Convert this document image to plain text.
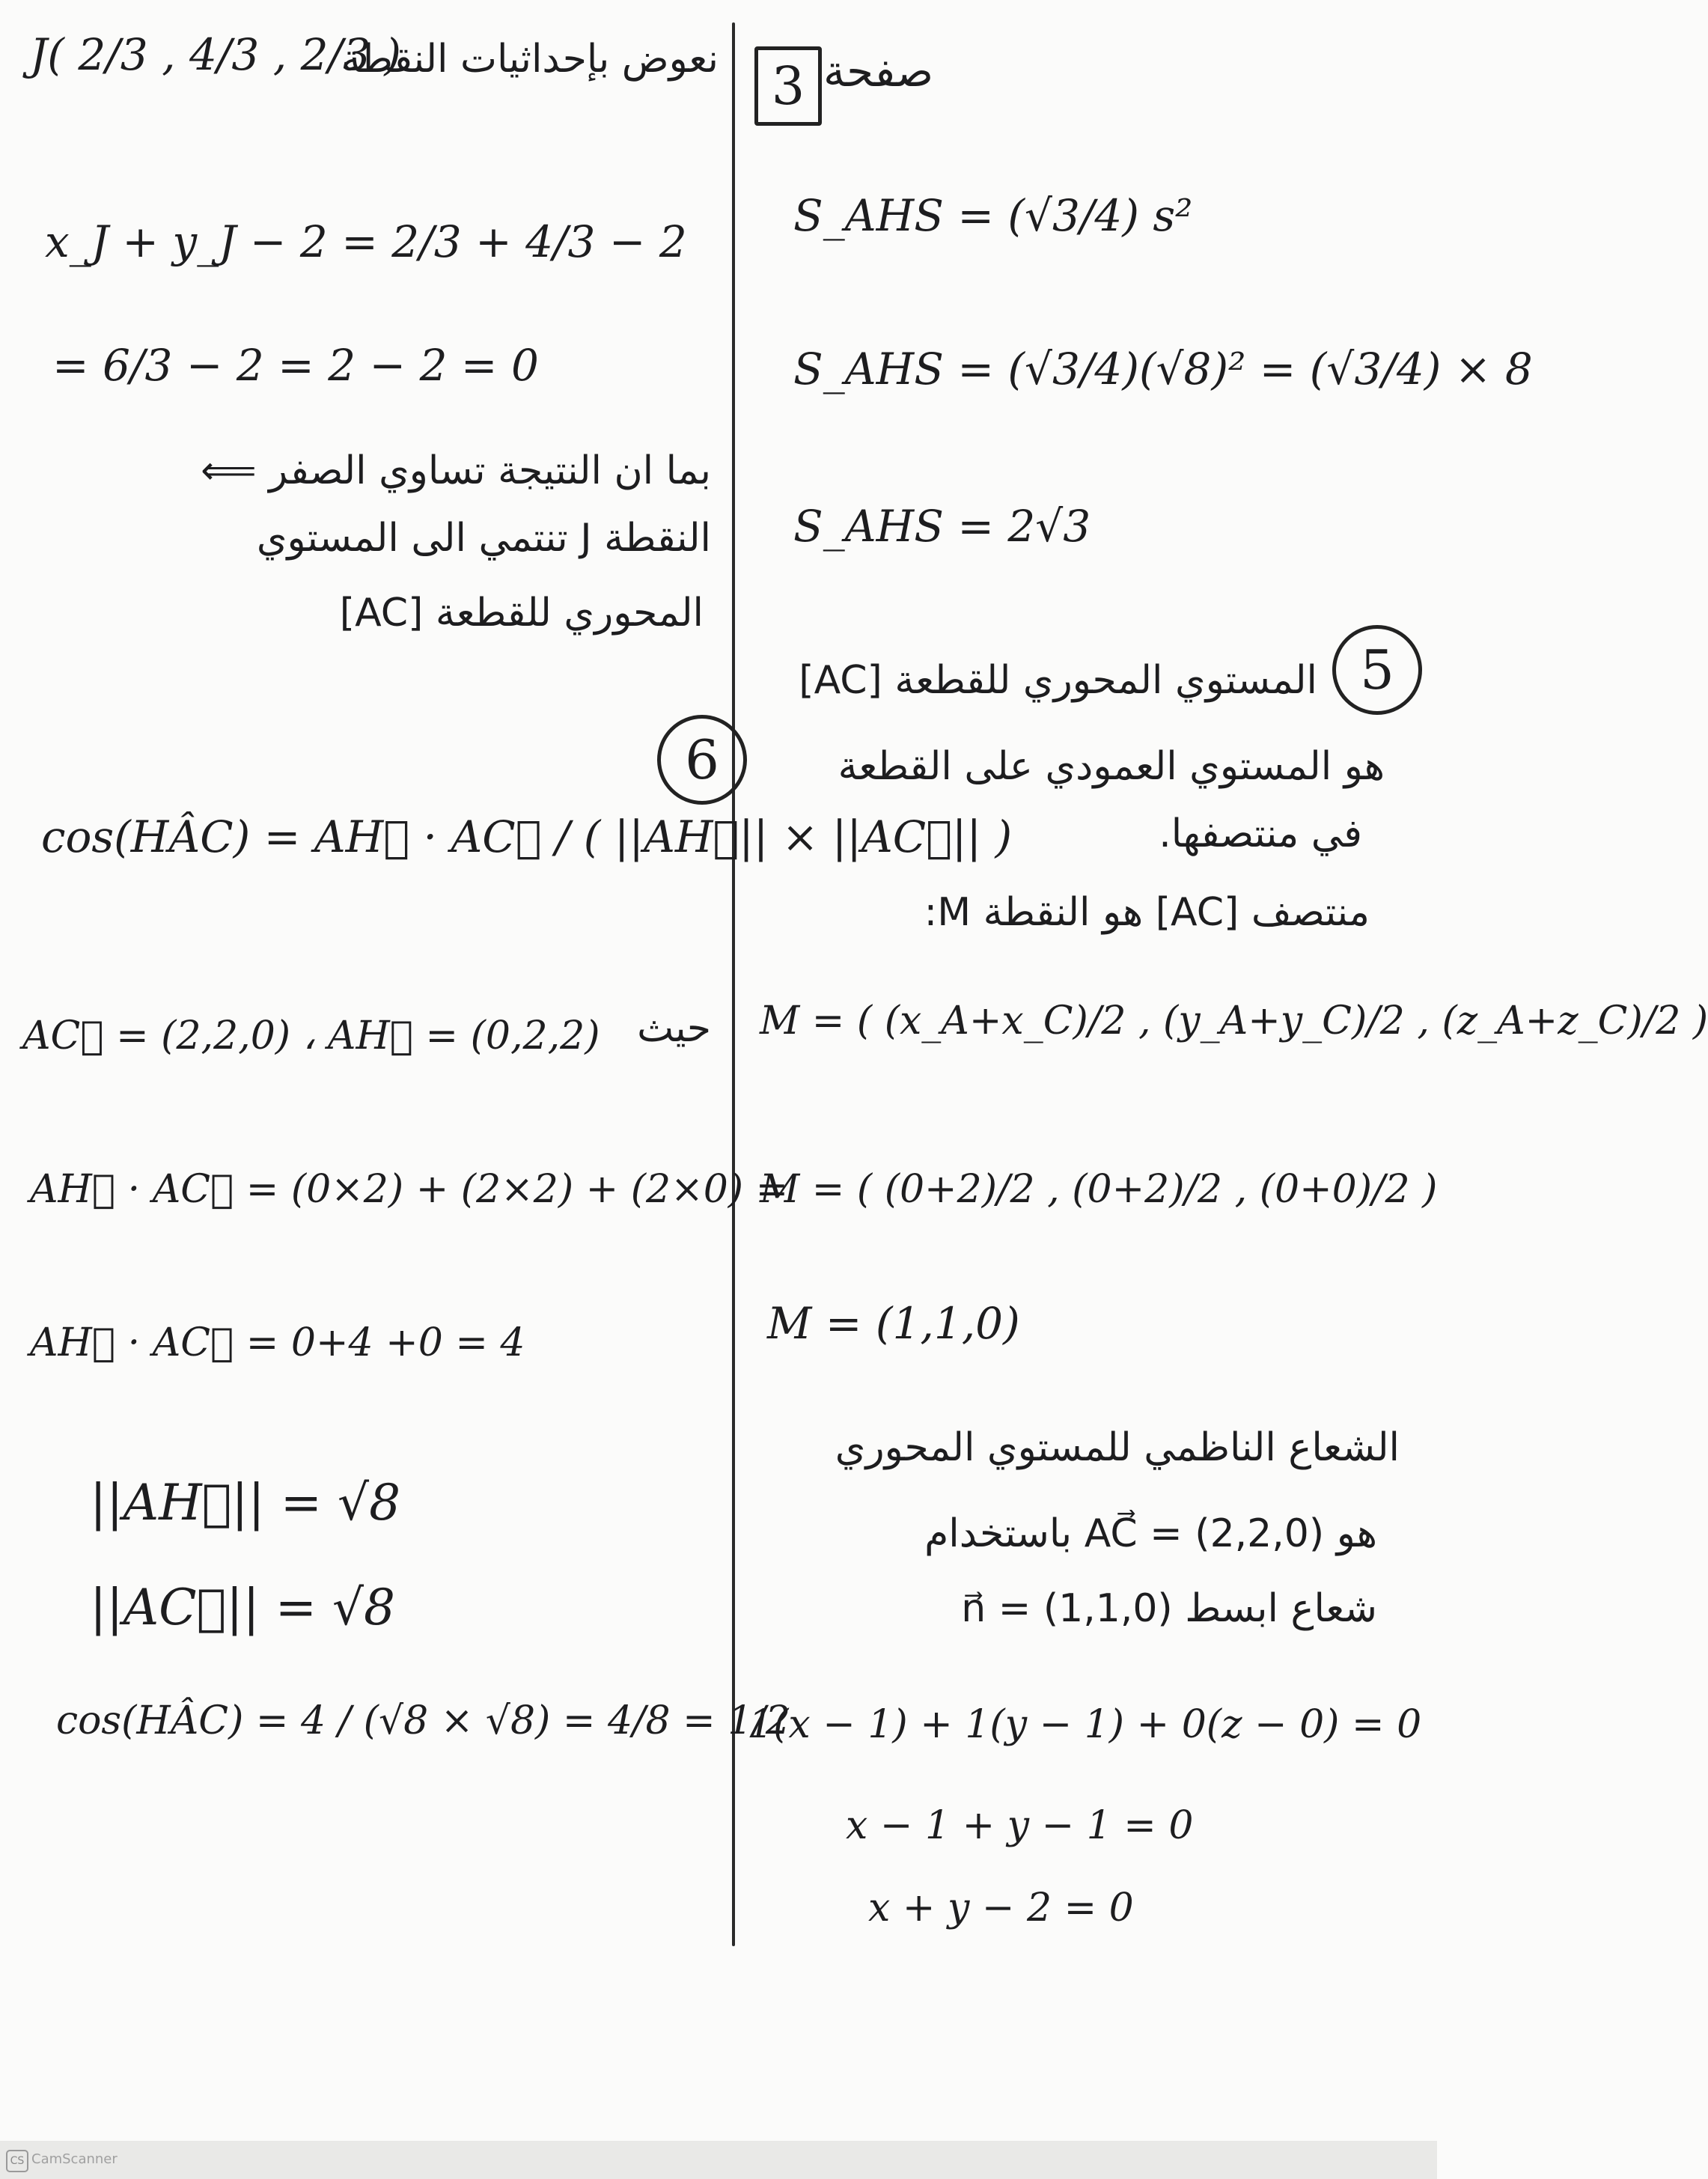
J( 2/3 , 4/3 , 2/3 )
نعوض بإحداثيات النقطة
x_J + y_J − 2 = 2/3 + 4/3 − 2
= 6/3 − 2 = 2 − 2 = 0
بما ان النتيجة تساوي الصفر ⟸
النقطة J تنتمي الى المستوي
المحوري للقطعة [AC]
6
cos(HÂC) = AH⃗ · AC⃗ / ( ||AH⃗|| × ||AC⃗|| )
AC⃗ = (2,2,0) ، AH⃗ = (0,2,2) حيث
AH⃗ · AC⃗ = (0×2) + (2×2) + (2×0) =
AH⃗ · AC⃗ = 0+4 +0 = 4
||AH⃗|| = √8
||AC⃗|| = √8
cos(HÂC) = 4 / (√8 × √8) = 4/8 = 1/2
3 صفحة
S_AHS = (√3/4) s²
S_AHS = (√3/4)(√8)² = (√3/4) × 8
S_AHS = 2√3
5
المستوي المحوري للقطعة [AC]
هو المستوي العمودي على القطعة
في منتصفها.
منتصف [AC] هو النقطة M:
M = ( (x_A+x_C)/2 , (y_A+y_C)/2 , (z_A+z_C)/2 )
M = ( (0+2)/2 , (0+2)/2 , (0+0)/2 )
M = (1,1,0)
الشعاع الناظمي للمستوي المحوري
هو AC⃗ = (2,2,0) باستخدام
شعاع ابسط n⃗ = (1,1,0)
1(x − 1) + 1(y − 1) + 0(z − 0) = 0
x − 1 + y − 1 = 0
x + y − 2 = 0
CS CamScanner
